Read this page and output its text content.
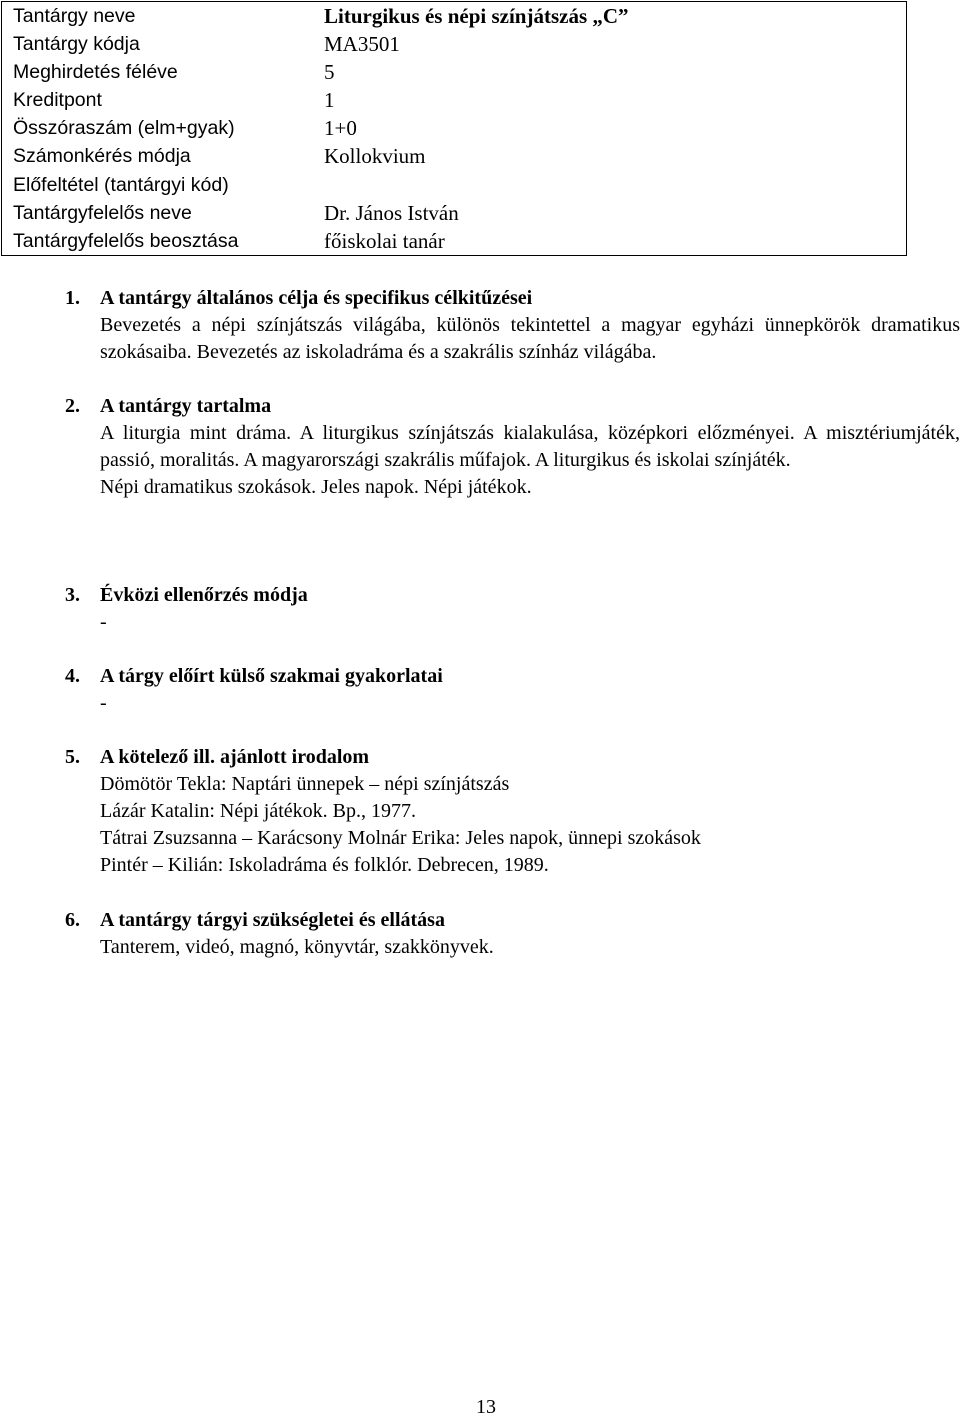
Tantárgy neve	Liturgikus és népi színjátszás „C”
Tantárgy kódja	MA3501
Meghirdetés féléve	5
Kreditpont	1
Összóraszám (elm+gyak)	1+0
Számonkérés módja	Kollokvium
Előfeltétel (tantárgyi kód)
Tantárgyfelelős neve	Dr. János István
Tantárgyfelelős beosztása	főiskolai tanár
1.	A tantárgy általános célja és specifikus célkitűzései

Bevezetés a népi színjátszás világába, különös tekintettel a magyar egyházi ünnepkörök dramatikus szokásaiba. Bevezetés az iskoladráma és a szakrális színház világába.

2.	A tantárgy tartalma

A liturgia mint dráma. A liturgikus színjátszás kialakulása, középkori előzményei. A misztériumjáték, passió, moralitás. A magyarországi szakrális műfajok. A liturgikus és iskolai színjáték.

Népi dramatikus szokások. Jeles napok. Népi játékok.

3.	Évközi ellenőrzés módja

-

4.	A tárgy előírt külső szakmai gyakorlatai

-

5.	A kötelező ill. ajánlott irodalom

Dömötör Tekla: Naptári ünnepek – népi színjátszás

Lázár Katalin: Népi játékok. Bp., 1977.

Tátrai Zsuzsanna – Karácsony Molnár Erika: Jeles napok, ünnepi szokások

Pintér – Kilián: Iskoladráma és folklór. Debrecen, 1989.

6.	A tantárgy tárgyi szükségletei és ellátása

Tanterem, videó, magnó, könyvtár, szakkönyvek.

13
